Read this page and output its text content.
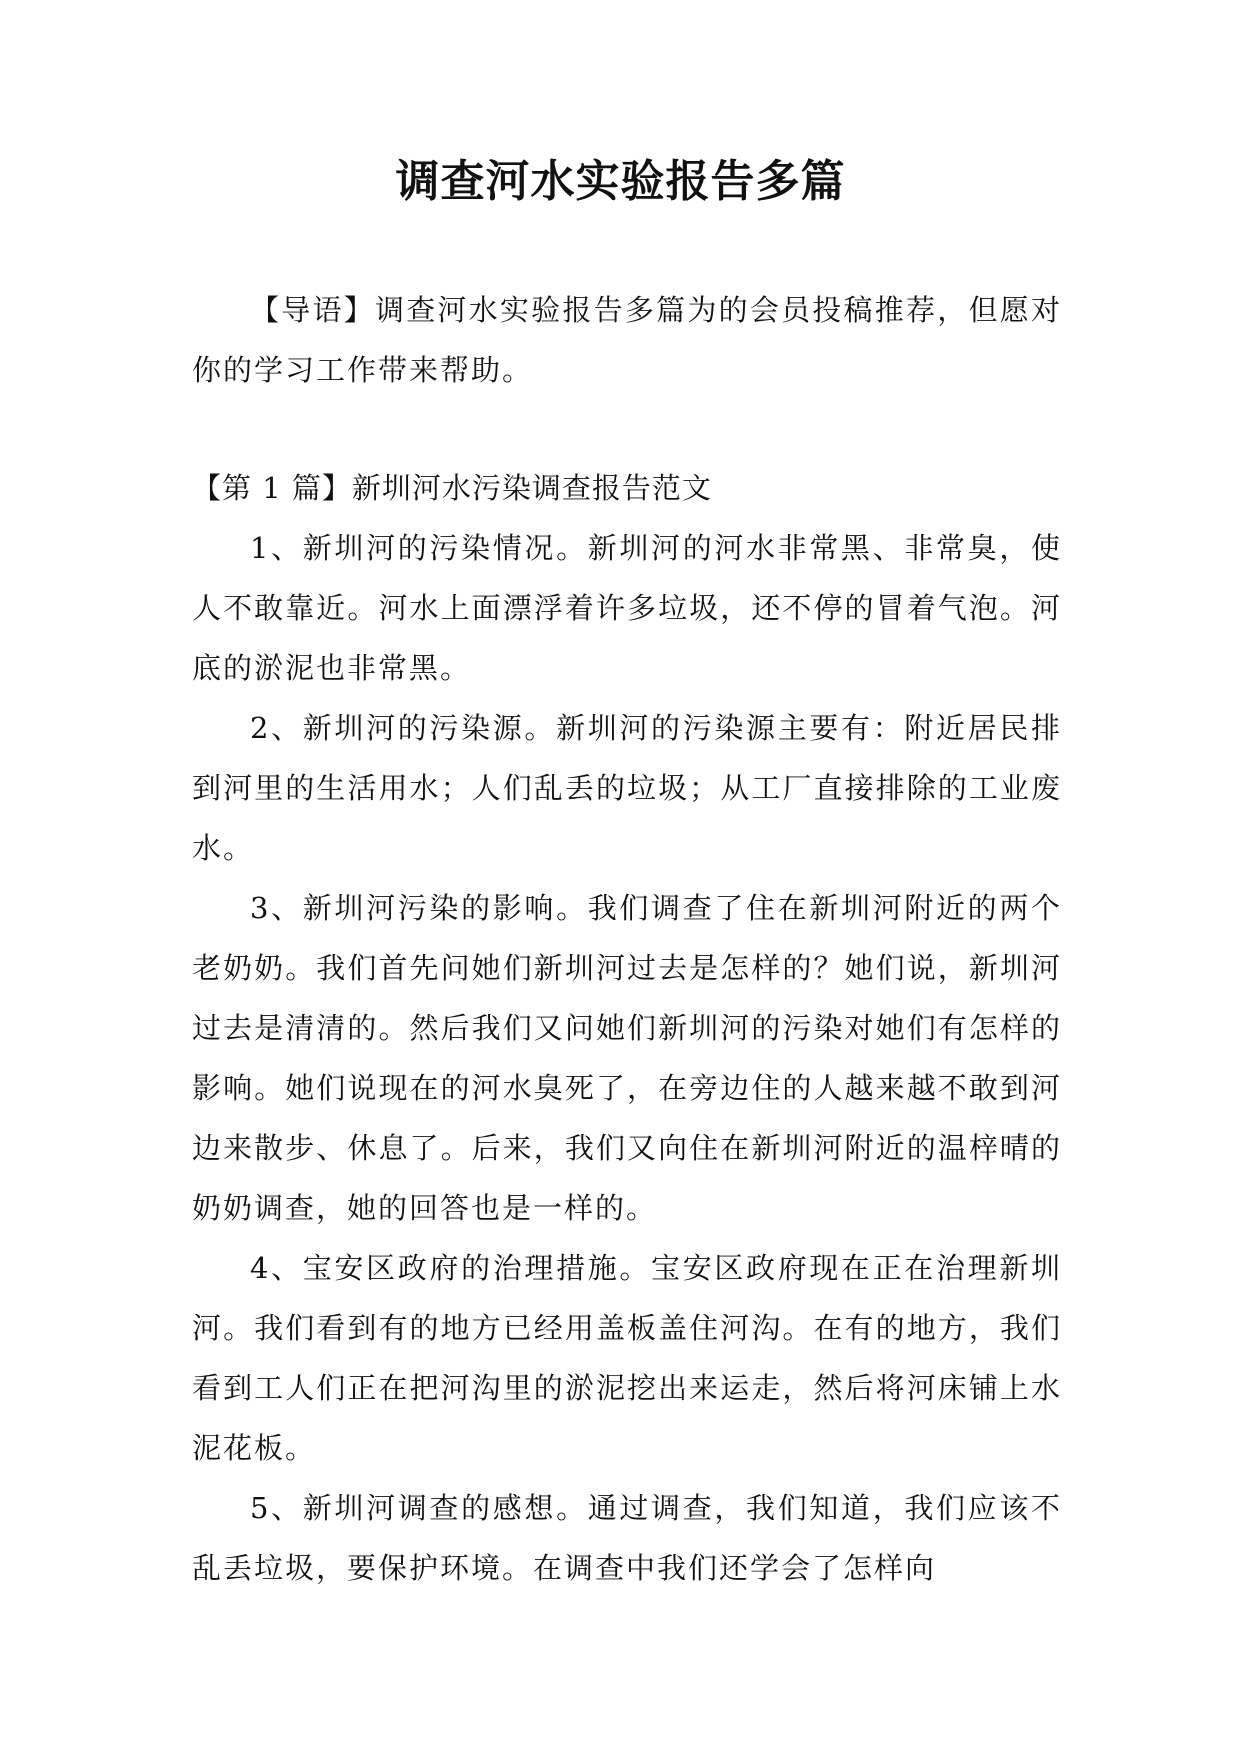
调查河水实验报告多篇

【导语】调查河水实验报告多篇为的会员投稿推荐，但愿对你的学习工作带来帮助。

【第 1 篇】新圳河水污染调查报告范文

1、新圳河的污染情况。新圳河的河水非常黑、非常臭，使人不敢靠近。河水上面漂浮着许多垃圾，还不停的冒着气泡。河底的淤泥也非常黑。

2、新圳河的污染源。新圳河的污染源主要有：附近居民排到河里的生活用水；人们乱丢的垃圾；从工厂直接排除的工业废水。

3、新圳河污染的影响。我们调查了住在新圳河附近的两个老奶奶。我们首先问她们新圳河过去是怎样的？她们说，新圳河过去是清清的。然后我们又问她们新圳河的污染对她们有怎样的影响。她们说现在的河水臭死了，在旁边住的人越来越不敢到河边来散步、休息了。后来，我们又向住在新圳河附近的温梓晴的奶奶调查，她的回答也是一样的。

4、宝安区政府的治理措施。宝安区政府现在正在治理新圳河。我们看到有的地方已经用盖板盖住河沟。在有的地方，我们看到工人们正在把河沟里的淤泥挖出来运走，然后将河床铺上水泥花板。

5、新圳河调查的感想。通过调查，我们知道，我们应该不乱丢垃圾，要保护环境。在调查中我们还学会了怎样向
